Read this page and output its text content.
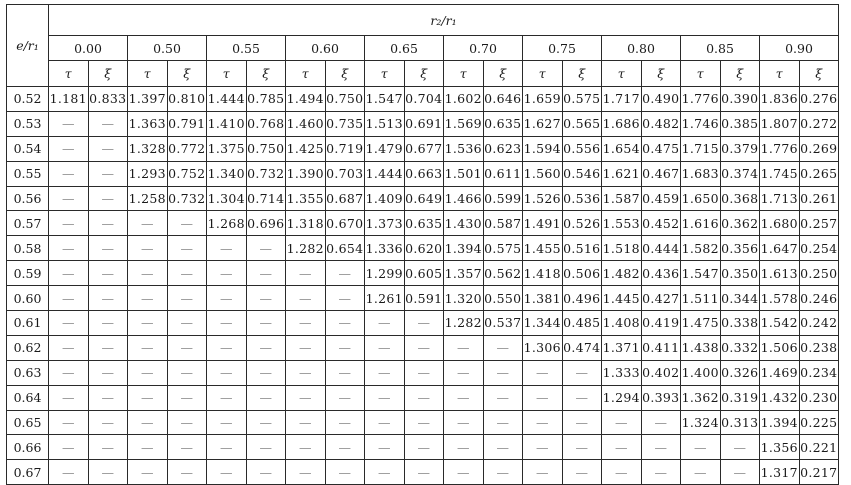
e/r₁	r₂/r₁																			
	0.00		0.50		0.55		0.60		0.65		0.70		0.75		0.80		0.85		0.90	
	τ	ξ	τ	ξ	τ	ξ	τ	ξ	τ	ξ	τ	ξ	τ	ξ	τ	ξ	τ	ξ	τ	ξ
0.52	1.181	0.833	1.397	0.810	1.444	0.785	1.494	0.750	1.547	0.704	1.602	0.646	1.659	0.575	1.717	0.490	1.776	0.390	1.836	0.276
0.53	—	—	1.363	0.791	1.410	0.768	1.460	0.735	1.513	0.691	1.569	0.635	1.627	0.565	1.686	0.482	1.746	0.385	1.807	0.272
0.54	—	—	1.328	0.772	1.375	0.750	1.425	0.719	1.479	0.677	1.536	0.623	1.594	0.556	1.654	0.475	1.715	0.379	1.776	0.269
0.55	—	—	1.293	0.752	1.340	0.732	1.390	0.703	1.444	0.663	1.501	0.611	1.560	0.546	1.621	0.467	1.683	0.374	1.745	0.265
0.56	—	—	1.258	0.732	1.304	0.714	1.355	0.687	1.409	0.649	1.466	0.599	1.526	0.536	1.587	0.459	1.650	0.368	1.713	0.261
0.57	—	—	—	—	1.268	0.696	1.318	0.670	1.373	0.635	1.430	0.587	1.491	0.526	1.553	0.452	1.616	0.362	1.680	0.257
0.58	—	—	—	—	—	—	1.282	0.654	1.336	0.620	1.394	0.575	1.455	0.516	1.518	0.444	1.582	0.356	1.647	0.254
0.59	—	—	—	—	—	—	—	—	1.299	0.605	1.357	0.562	1.418	0.506	1.482	0.436	1.547	0.350	1.613	0.250
0.60	—	—	—	—	—	—	—	—	1.261	0.591	1.320	0.550	1.381	0.496	1.445	0.427	1.511	0.344	1.578	0.246
0.61	—	—	—	—	—	—	—	—	—	—	1.282	0.537	1.344	0.485	1.408	0.419	1.475	0.338	1.542	0.242
0.62	—	—	—	—	—	—	—	—	—	—	—	—	1.306	0.474	1.371	0.411	1.438	0.332	1.506	0.238
0.63	—	—	—	—	—	—	—	—	—	—	—	—	—	—	1.333	0.402	1.400	0.326	1.469	0.234
0.64	—	—	—	—	—	—	—	—	—	—	—	—	—	—	1.294	0.393	1.362	0.319	1.432	0.230
0.65	—	—	—	—	—	—	—	—	—	—	—	—	—	—	—	—	1.324	0.313	1.394	0.225
0.66	—	—	—	—	—	—	—	—	—	—	—	—	—	—	—	—	—	—	1.356	0.221
0.67	—	—	—	—	—	—	—	—	—	—	—	—	—	—	—	—	—	—	1.317	0.217
